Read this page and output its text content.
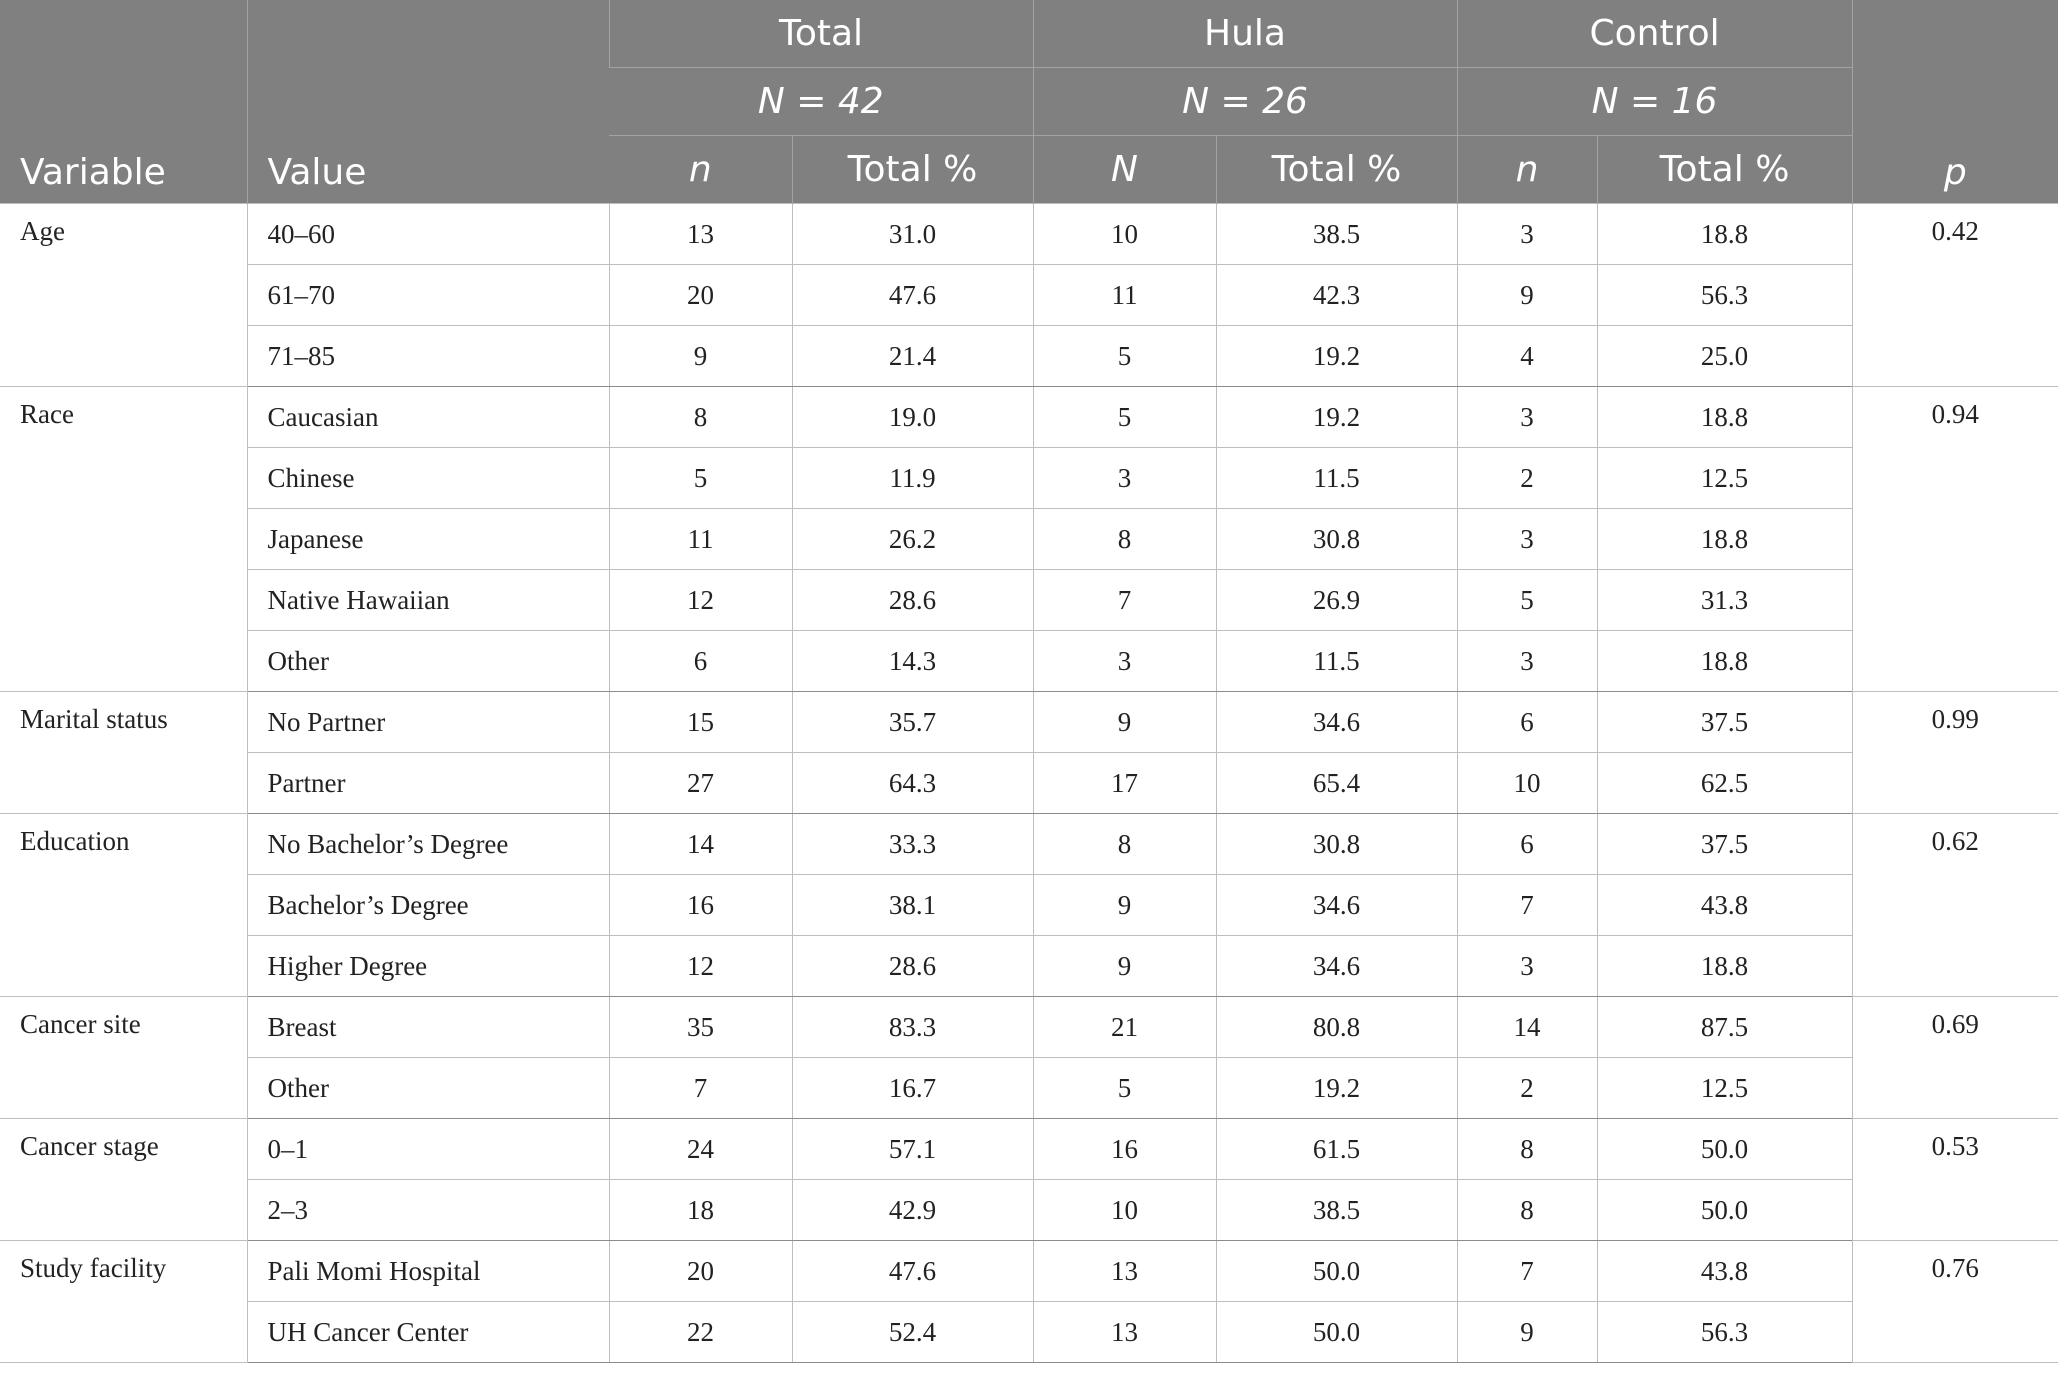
Variable	Value	Total		Hula		Control		p
		N = 42		N = 26		N = 16		
		n	Total %	N	Total %	n	Total %	
Age	40–60	13	31.0	10	38.5	3	18.8	0.42
	61–70	20	47.6	11	42.3	9	56.3	
	71–85	9	21.4	5	19.2	4	25.0	
Race	Caucasian	8	19.0	5	19.2	3	18.8	0.94
	Chinese	5	11.9	3	11.5	2	12.5	
	Japanese	11	26.2	8	30.8	3	18.8	
	Native Hawaiian	12	28.6	7	26.9	5	31.3	
	Other	6	14.3	3	11.5	3	18.8	
Marital status	No Partner	15	35.7	9	34.6	6	37.5	0.99
	Partner	27	64.3	17	65.4	10	62.5	
Education	No Bachelor’s Degree	14	33.3	8	30.8	6	37.5	0.62
	Bachelor’s Degree	16	38.1	9	34.6	7	43.8	
	Higher Degree	12	28.6	9	34.6	3	18.8	
Cancer site	Breast	35	83.3	21	80.8	14	87.5	0.69
	Other	7	16.7	5	19.2	2	12.5	
Cancer stage	0–1	24	57.1	16	61.5	8	50.0	0.53
	2–3	18	42.9	10	38.5	8	50.0	
Study facility	Pali Momi Hospital	20	47.6	13	50.0	7	43.8	0.76
	UH Cancer Center	22	52.4	13	50.0	9	56.3	
